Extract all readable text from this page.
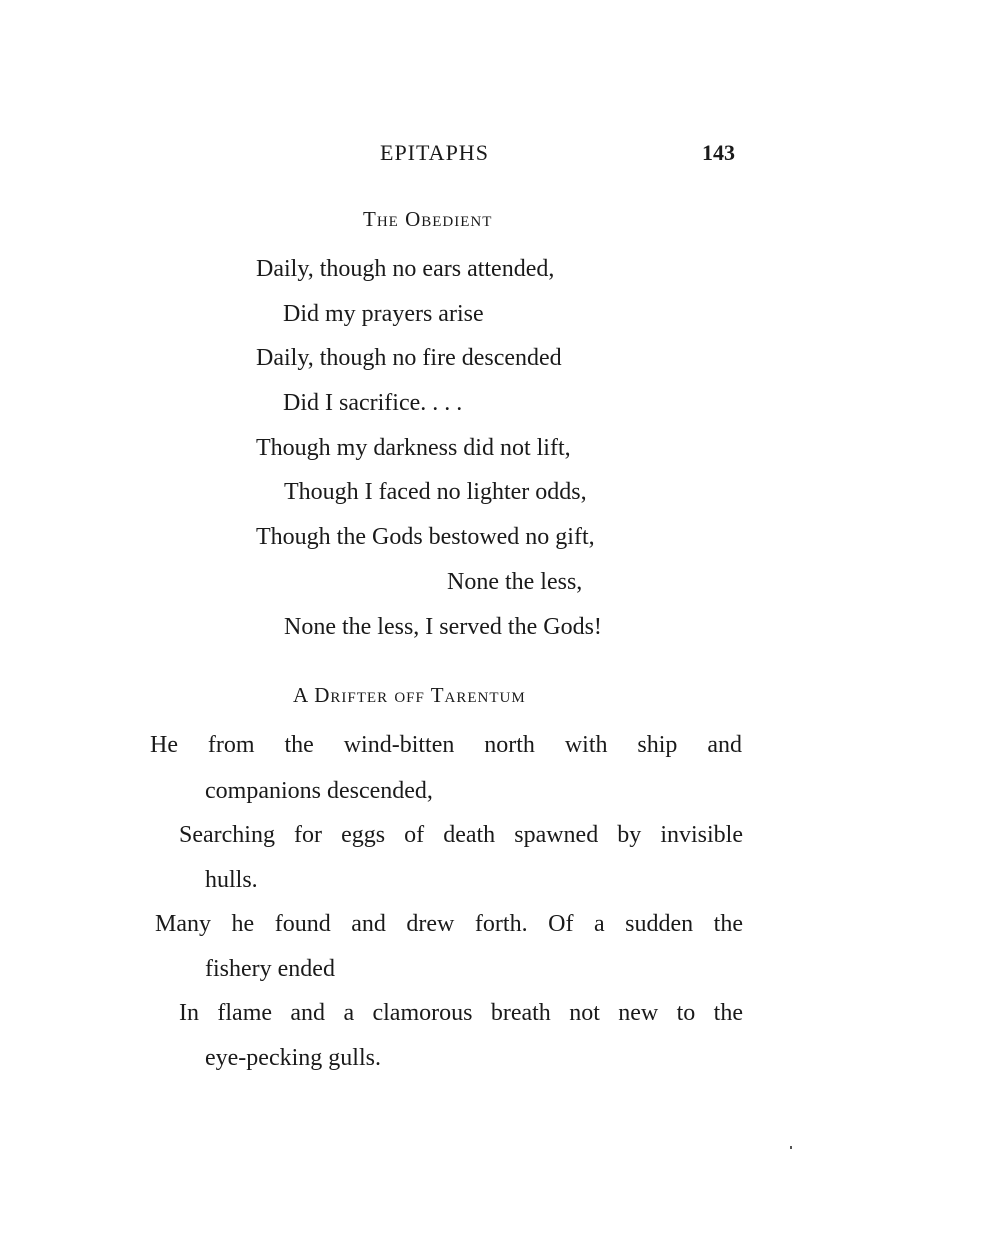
EPITAPHS	143
The Obedient
Daily, though no ears attended,
Did my prayers arise
Daily, though no fire descended
Did I sacrifice. . . .
Though my darkness did not lift,
Though I faced no lighter odds,
Though the Gods bestowed no gift,
None the less,
None the less, I served the Gods!
A Drifter off Tarentum
He from the wind-bitten north with ship and
companions descended,
Searching for eggs of death spawned by invisible
hulls.
Many he found and drew forth. Of a sudden the
fishery ended
In flame and a clamorous breath not new to the
eye-pecking gulls.
